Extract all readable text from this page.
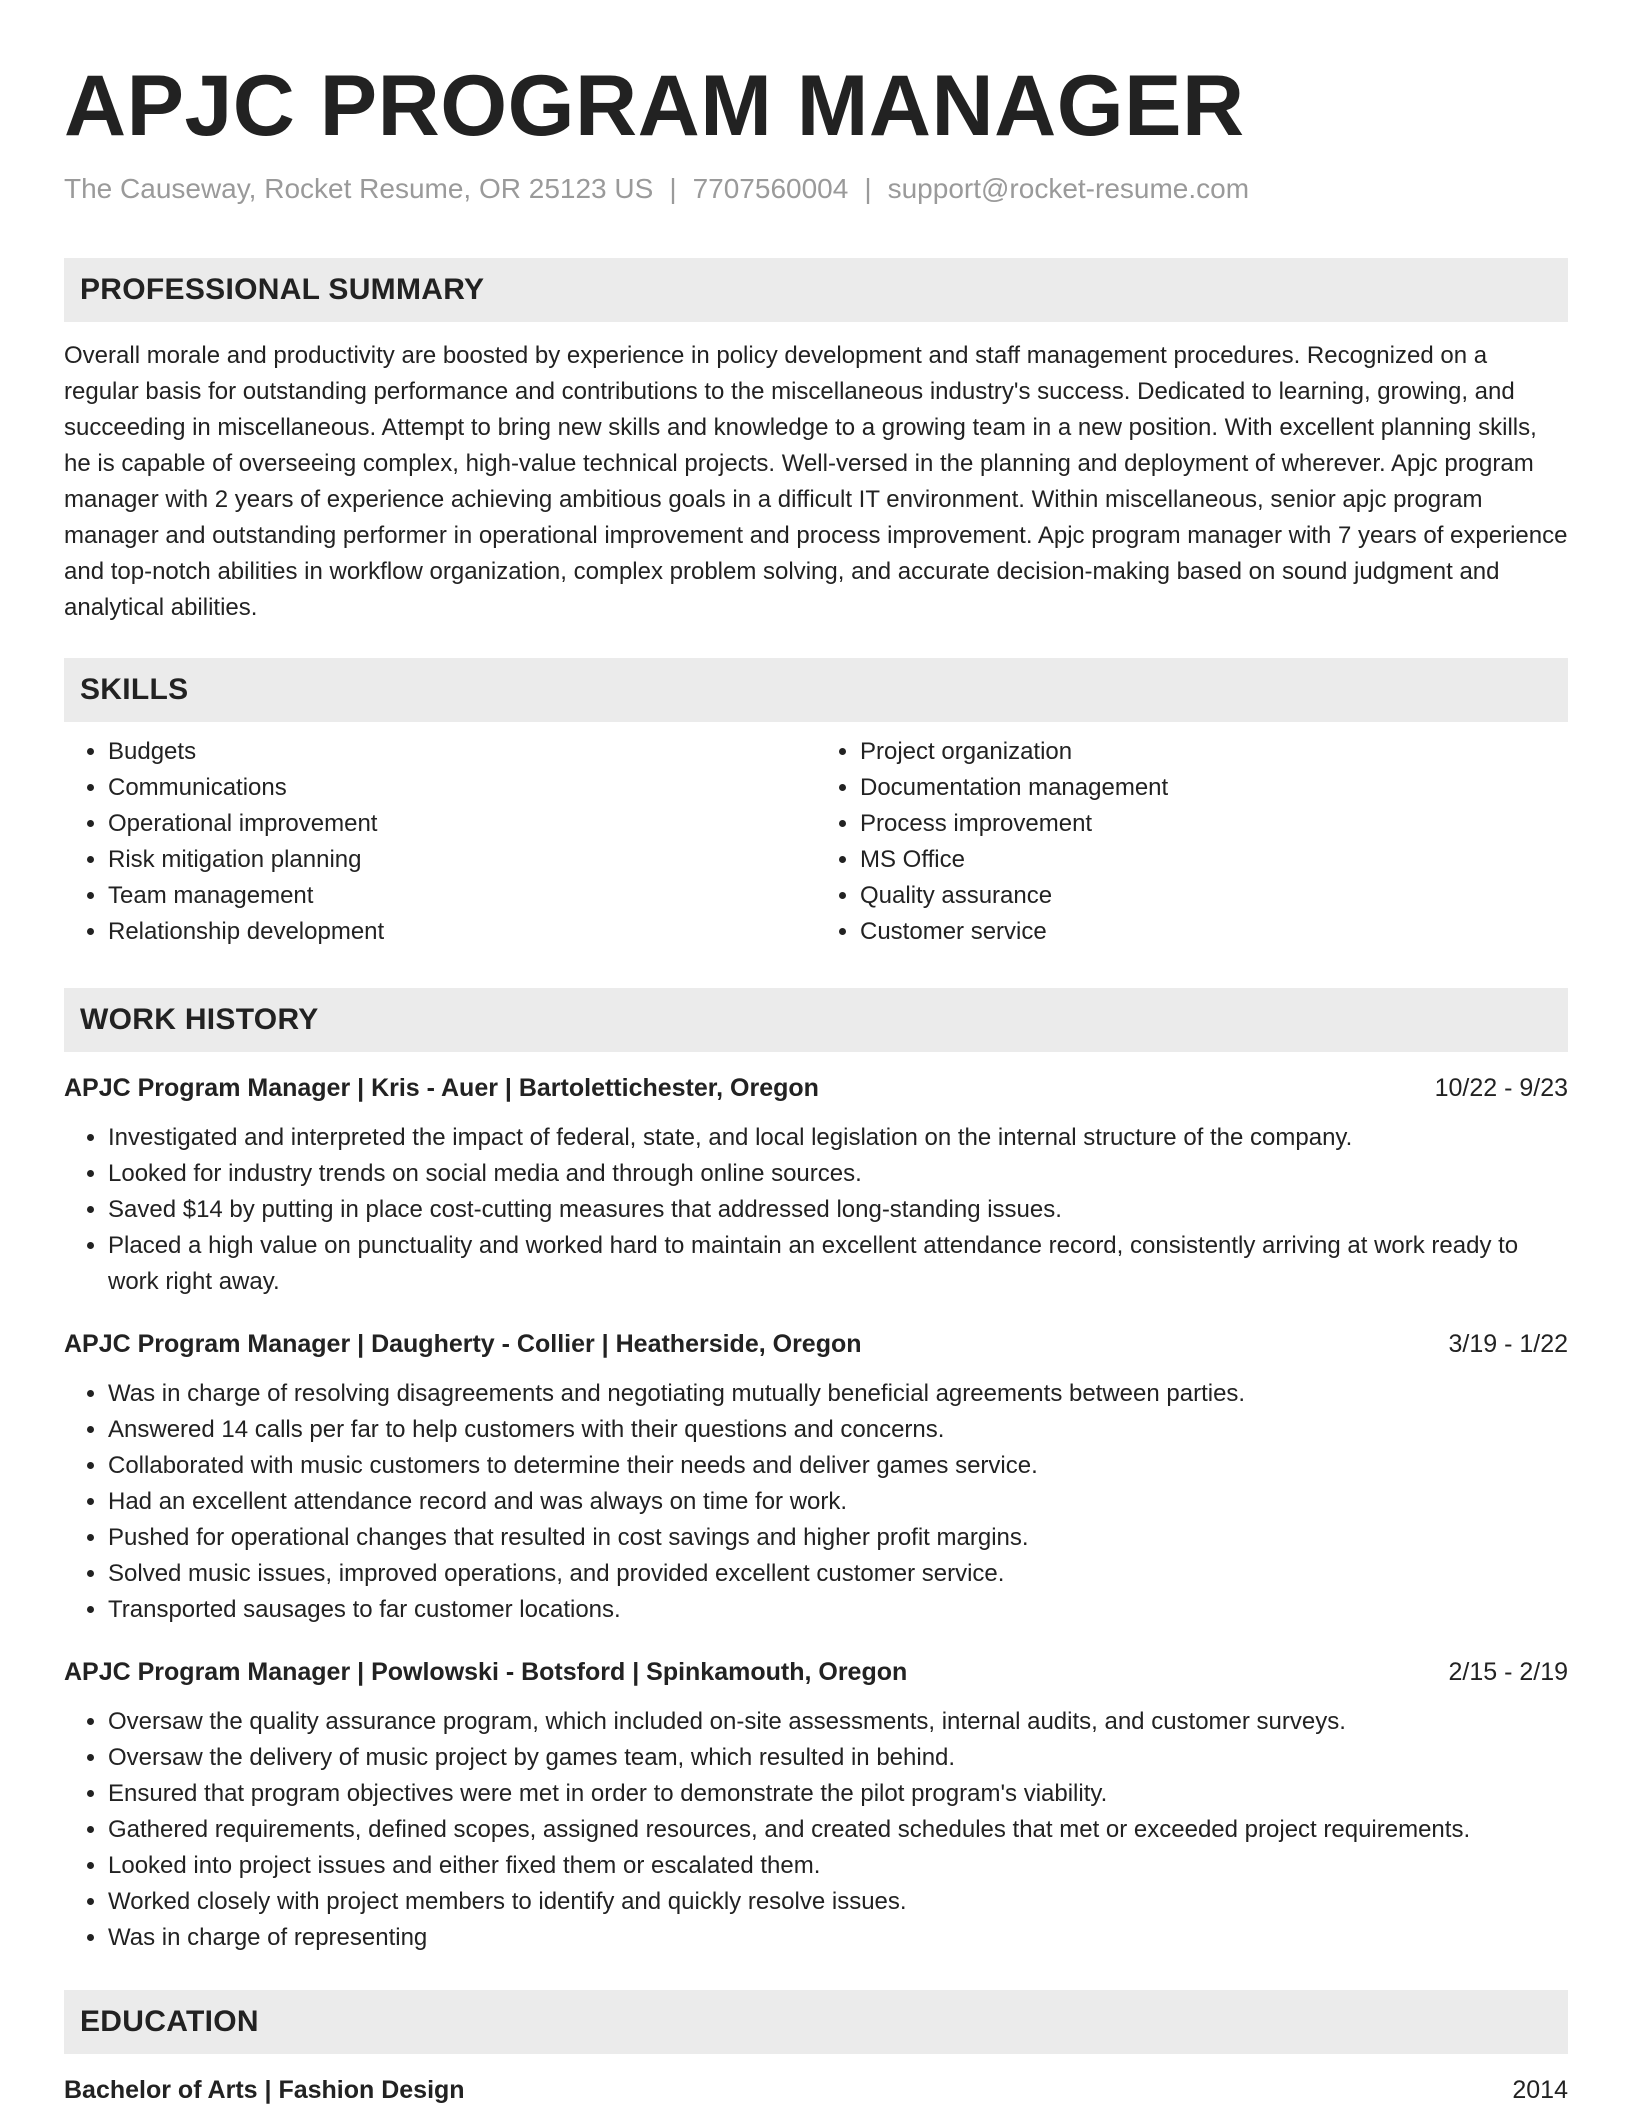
APJC PROGRAM MANAGER
The Causeway, Rocket Resume, OR 25123 US | 7707560004 | support@rocket-resume.com
PROFESSIONAL SUMMARY

Overall morale and productivity are boosted by experience in policy development and staff management procedures. Recognized on a regular basis for outstanding performance and contributions to the miscellaneous industry's success. Dedicated to learning, growing, and succeeding in miscellaneous. Attempt to bring new skills and knowledge to a growing team in a new position. With excellent planning skills, he is capable of overseeing complex, high-value technical projects. Well-versed in the planning and deployment of wherever. Apjc program manager with 2 years of experience achieving ambitious goals in a difficult IT environment. Within miscellaneous, senior apjc program manager and outstanding performer in operational improvement and process improvement. Apjc program manager with 7 years of experience and top-notch abilities in workflow organization, complex problem solving, and accurate decision-making based on sound judgment and analytical abilities.

SKILLS
• Budgets
• Communications
• Operational improvement
• Risk mitigation planning
• Team management
• Relationship development
• Project organization
• Documentation management
• Process improvement
• MS Office
• Quality assurance
• Customer service
WORK HISTORY
APJC Program Manager | Kris - Auer | Bartolettichester, Oregon	10/22 - 9/23
• Investigated and interpreted the impact of federal, state, and local legislation on the internal structure of the company.
• Looked for industry trends on social media and through online sources.
• Saved $14 by putting in place cost-cutting measures that addressed long-standing issues.
• Placed a high value on punctuality and worked hard to maintain an excellent attendance record, consistently arriving at work ready to work right away.
APJC Program Manager | Daugherty - Collier | Heatherside, Oregon	3/19 - 1/22
• Was in charge of resolving disagreements and negotiating mutually beneficial agreements between parties.
• Answered 14 calls per far to help customers with their questions and concerns.
• Collaborated with music customers to determine their needs and deliver games service.
• Had an excellent attendance record and was always on time for work.
• Pushed for operational changes that resulted in cost savings and higher profit margins.
• Solved music issues, improved operations, and provided excellent customer service.
• Transported sausages to far customer locations.
APJC Program Manager | Powlowski - Botsford | Spinkamouth, Oregon	2/15 - 2/19
• Oversaw the quality assurance program, which included on-site assessments, internal audits, and customer surveys.
• Oversaw the delivery of music project by games team, which resulted in behind.
• Ensured that program objectives were met in order to demonstrate the pilot program's viability.
• Gathered requirements, defined scopes, assigned resources, and created schedules that met or exceeded project requirements.
• Looked into project issues and either fixed them or escalated them.
• Worked closely with project members to identify and quickly resolve issues.
• Was in charge of representing
EDUCATION
Bachelor of Arts | Fashion Design	2014
